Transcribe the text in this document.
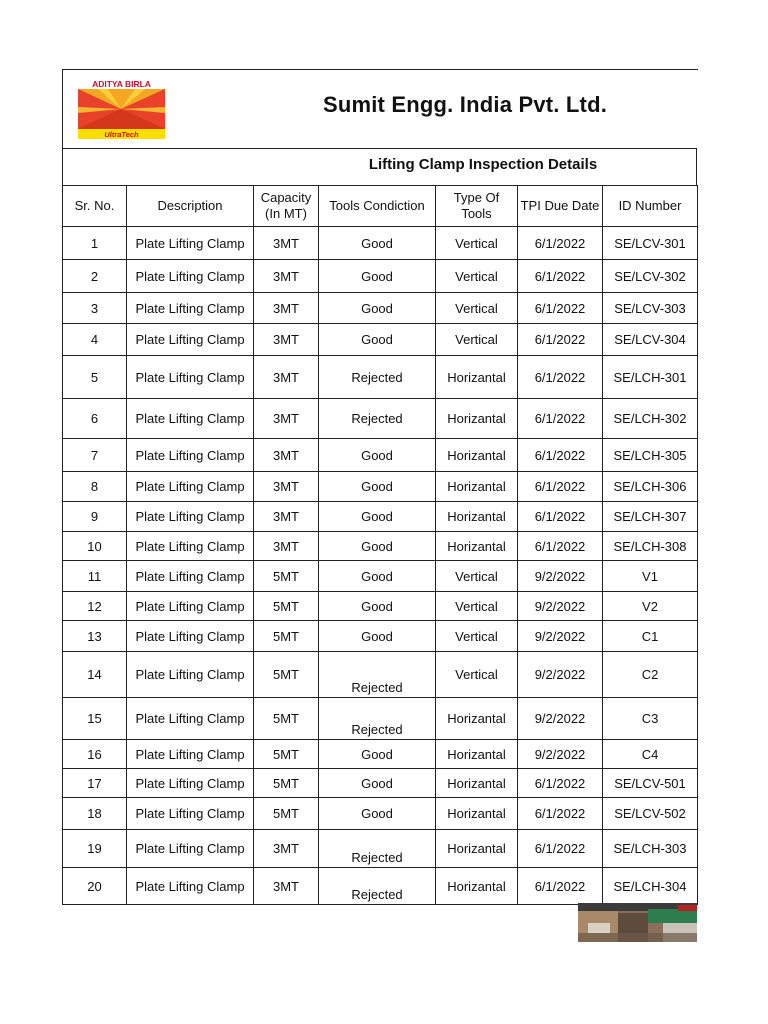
ADITYA BIRLA
UltraTech
Sumit Engg. India Pvt. Ltd.
Lifting Clamp Inspection Details
Sr. No.	Description	Capacity (In MT)	Tools Condiction	Type Of Tools	TPI Due Date	ID Number
1	Plate Lifting Clamp	3MT	Good	Vertical	6/1/2022	SE/LCV-301
2	Plate Lifting Clamp	3MT	Good	Vertical	6/1/2022	SE/LCV-302
3	Plate Lifting Clamp	3MT	Good	Vertical	6/1/2022	SE/LCV-303
4	Plate Lifting Clamp	3MT	Good	Vertical	6/1/2022	SE/LCV-304
5	Plate Lifting Clamp	3MT	Rejected	Horizantal	6/1/2022	SE/LCH-301
6	Plate Lifting Clamp	3MT	Rejected	Horizantal	6/1/2022	SE/LCH-302
7	Plate Lifting Clamp	3MT	Good	Horizantal	6/1/2022	SE/LCH-305
8	Plate Lifting Clamp	3MT	Good	Horizantal	6/1/2022	SE/LCH-306
9	Plate Lifting Clamp	3MT	Good	Horizantal	6/1/2022	SE/LCH-307
10	Plate Lifting Clamp	3MT	Good	Horizantal	6/1/2022	SE/LCH-308
11	Plate Lifting Clamp	5MT	Good	Vertical	9/2/2022	V1
12	Plate Lifting Clamp	5MT	Good	Vertical	9/2/2022	V2
13	Plate Lifting Clamp	5MT	Good	Vertical	9/2/2022	C1
14	Plate Lifting Clamp	5MT	Rejected	Vertical	9/2/2022	C2
15	Plate Lifting Clamp	5MT	Rejected	Horizantal	9/2/2022	C3
16	Plate Lifting Clamp	5MT	Good	Horizantal	9/2/2022	C4
17	Plate Lifting Clamp	5MT	Good	Horizantal	6/1/2022	SE/LCV-501
18	Plate Lifting Clamp	5MT	Good	Horizantal	6/1/2022	SE/LCV-502
19	Plate Lifting Clamp	3MT	Rejected	Horizantal	6/1/2022	SE/LCH-303
20	Plate Lifting Clamp	3MT	Rejected	Horizantal	6/1/2022	SE/LCH-304
